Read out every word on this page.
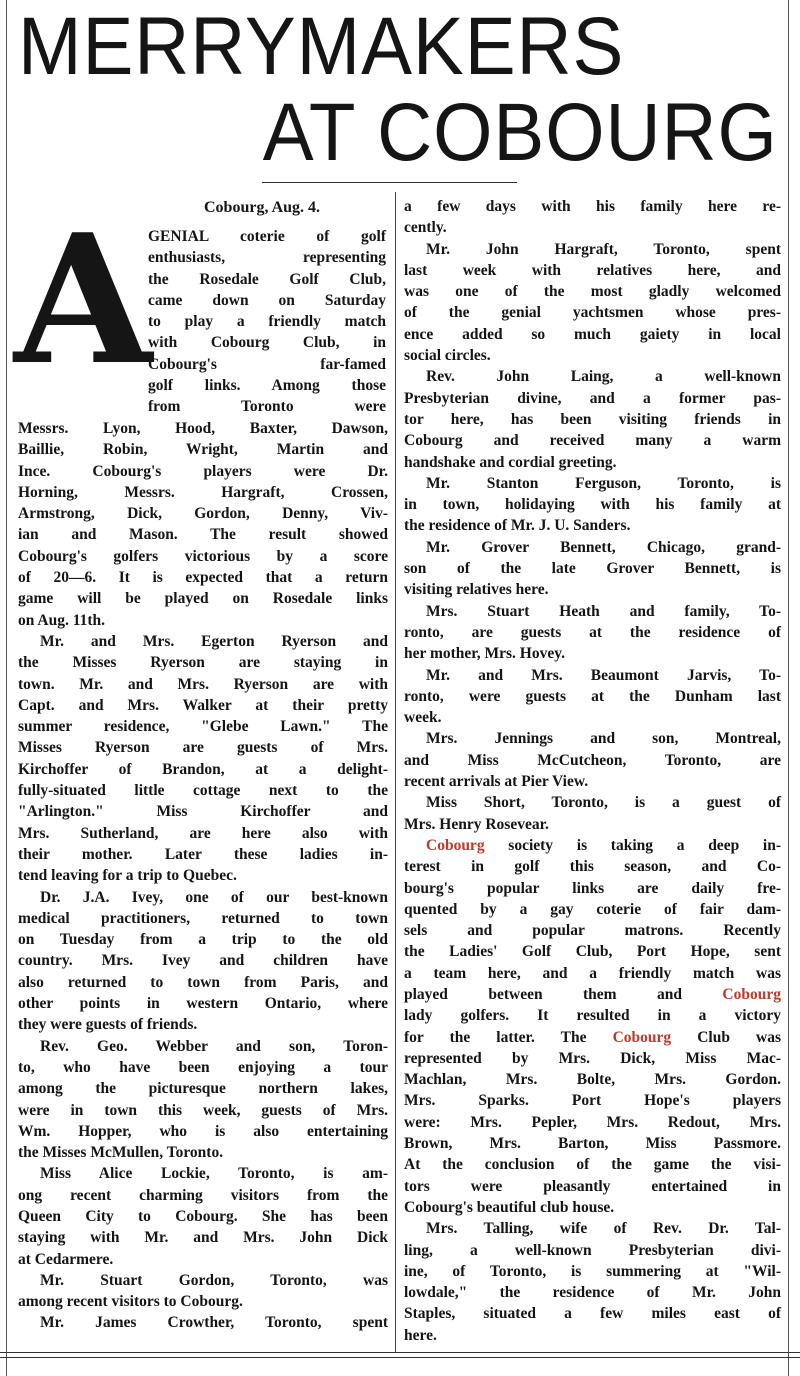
MERRYMAKERS
AT COBOURG
Cobourg, Aug. 4.
A
GENIAL coterie of golf
enthusiasts, representing
the Rosedale Golf Club,
came down on Saturday
to play a friendly match
with Cobourg Club, in
Cobourg's far-famed
golf links. Among those
from Toronto were
Messrs. Lyon, Hood, Baxter, Dawson,
Baillie, Robin, Wright, Martin and
Ince. Cobourg's players were Dr.
Horning, Messrs. Hargraft, Crossen,
Armstrong, Dick, Gordon, Denny, Viv-
ian and Mason. The result showed
Cobourg's golfers victorious by a score
of 20—6. It is expected that a return
game will be played on Rosedale links
on Aug. 11th.
Mr. and Mrs. Egerton Ryerson and
the Misses Ryerson are staying in
town. Mr. and Mrs. Ryerson are with
Capt. and Mrs. Walker at their pretty
summer residence, "Glebe Lawn." The
Misses Ryerson are guests of Mrs.
Kirchoffer of Brandon, at a delight-
fully-situated little cottage next to the
"Arlington." Miss Kirchoffer and
Mrs. Sutherland, are here also with
their mother. Later these ladies in-
tend leaving for a trip to Quebec.
Dr. J.A. Ivey, one of our best-known
medical practitioners, returned to town
on Tuesday from a trip to the old
country. Mrs. Ivey and children have
also returned to town from Paris, and
other points in western Ontario, where
they were guests of friends.
Rev. Geo. Webber and son, Toron-
to, who have been enjoying a tour
among the picturesque northern lakes,
were in town this week, guests of Mrs.
Wm. Hopper, who is also entertaining
the Misses McMullen, Toronto.
Miss Alice Lockie, Toronto, is am-
ong recent charming visitors from the
Queen City to Cobourg. She has been
staying with Mr. and Mrs. John Dick
at Cedarmere.
Mr. Stuart Gordon, Toronto, was
among recent visitors to Cobourg.
Mr. James Crowther, Toronto, spent
a few days with his family here re-
cently.
Mr. John Hargraft, Toronto, spent
last week with relatives here, and
was one of the most gladly welcomed
of the genial yachtsmen whose pres-
ence added so much gaiety in local
social circles.
Rev. John Laing, a well-known
Presbyterian divine, and a former pas-
tor here, has been visiting friends in
Cobourg and received many a warm
handshake and cordial greeting.
Mr. Stanton Ferguson, Toronto, is
in town, holidaying with his family at
the residence of Mr. J. U. Sanders.
Mr. Grover Bennett, Chicago, grand-
son of the late Grover Bennett, is
visiting relatives here.
Mrs. Stuart Heath and family, To-
ronto, are guests at the residence of
her mother, Mrs. Hovey.
Mr. and Mrs. Beaumont Jarvis, To-
ronto, were guests at the Dunham last
week.
Mrs. Jennings and son, Montreal,
and Miss McCutcheon, Toronto, are
recent arrivals at Pier View.
Miss Short, Toronto, is a guest of
Mrs. Henry Rosevear.
Cobourg society is taking a deep in-
terest in golf this season, and Co-
bourg's popular links are daily fre-
quented by a gay coterie of fair dam-
sels and popular matrons. Recently
the Ladies' Golf Club, Port Hope, sent
a team here, and a friendly match was
played between them and Cobourg
lady golfers. It resulted in a victory
for the latter. The Cobourg Club was
represented by Mrs. Dick, Miss Mac-
Machlan, Mrs. Bolte, Mrs. Gordon.
Mrs. Sparks. Port Hope's players
were: Mrs. Pepler, Mrs. Redout, Mrs.
Brown, Mrs. Barton, Miss Passmore.
At the conclusion of the game the visi-
tors were pleasantly entertained in
Cobourg's beautiful club house.
Mrs. Talling, wife of Rev. Dr. Tal-
ling, a well-known Presbyterian divi-
ine, of Toronto, is summering at "Wil-
lowdale," the residence of Mr. John
Staples, situated a few miles east of
here.
